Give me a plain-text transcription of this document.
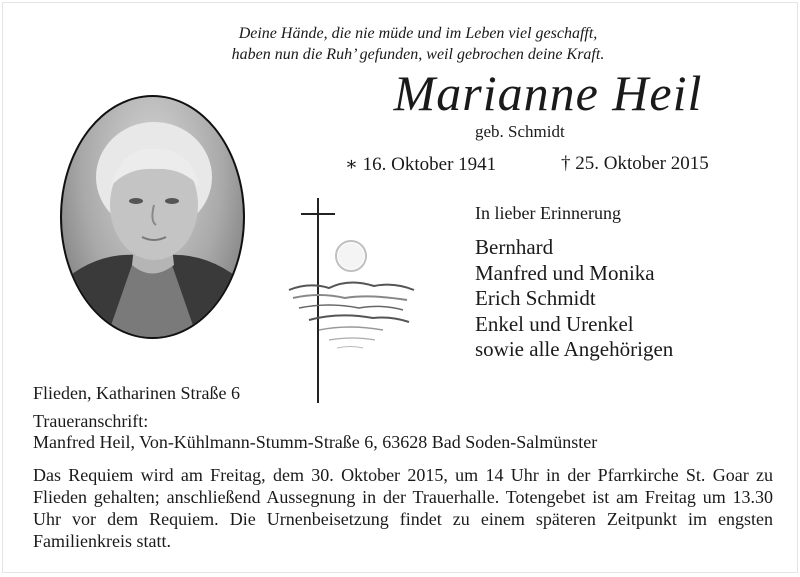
Deine Hände, die nie müde und im Leben viel geschafft,
haben nun die Ruh’ gefunden, weil gebrochen deine Kraft.
Marianne Heil
geb. Schmidt
∗ 16. Oktober 1941	† 25. Oktober 2015
In lieber Erinnerung
Bernhard
Manfred und Monika
Erich Schmidt
Enkel und Urenkel
sowie alle Angehörigen
Flieden, Katharinen Straße 6
Traueranschrift:
Manfred Heil, Von-Kühlmann-Stumm-Straße 6, 63628 Bad Soden-Salmünster
Das Requiem wird am Freitag, dem 30. Oktober 2015, um 14 Uhr in der Pfarrkirche St. Goar zu Flieden gehalten; anschließend Aussegnung in der Trauerhalle. Totengebet ist am Freitag um 13.30 Uhr vor dem Requiem. Die Urnenbeisetzung findet zu einem späteren Zeitpunkt im engsten Familienkreis statt.
